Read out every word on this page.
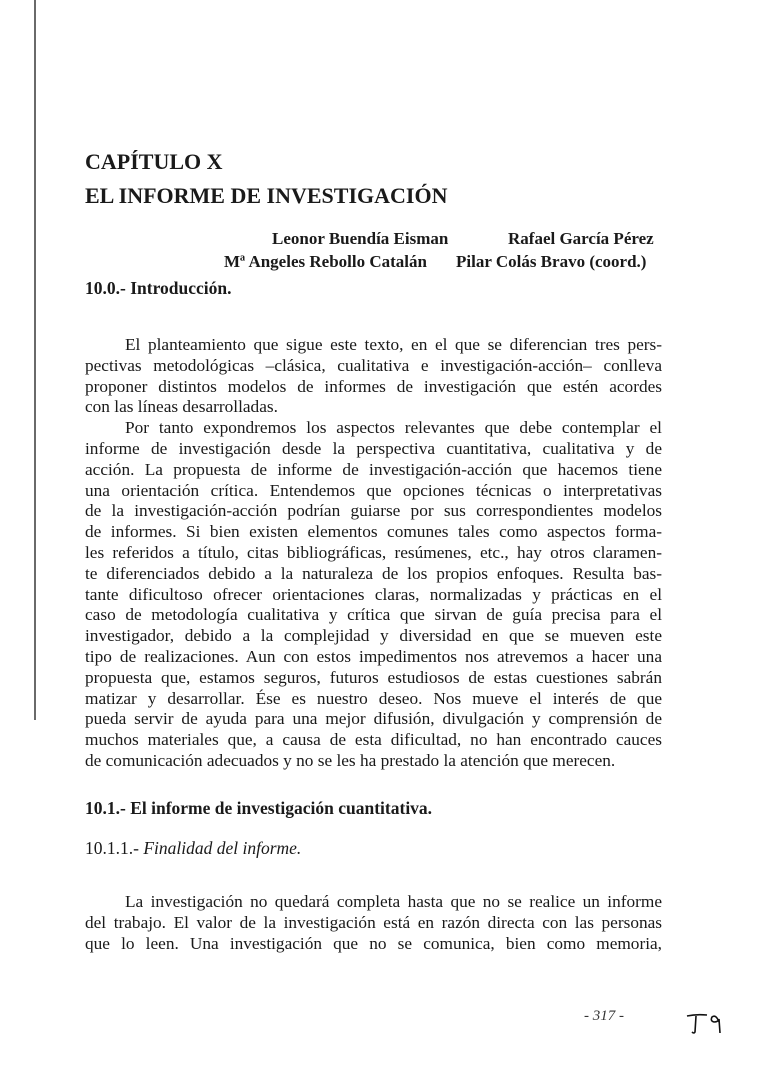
CAPÍTULO X
EL INFORME DE INVESTIGACIÓN
Leonor Buendía Eisman	Rafael García Pérez
Mª Angeles Rebollo Catalán Pilar Colás Bravo (coord.)
10.0.- Introducción.
El planteamiento que sigue este texto, en el que se diferencian tres pers-
pectivas metodológicas –clásica, cualitativa e investigación-acción– conlleva
proponer distintos modelos de informes de investigación que estén acordes
con las líneas desarrolladas.
Por tanto expondremos los aspectos relevantes que debe contemplar el
informe de investigación desde la perspectiva cuantitativa, cualitativa y de
acción. La propuesta de informe de investigación-acción que hacemos tiene
una orientación crítica. Entendemos que opciones técnicas o interpretativas
de la investigación-acción podrían guiarse por sus correspondientes modelos
de informes. Si bien existen elementos comunes tales como aspectos forma-
les referidos a título, citas bibliográficas, resúmenes, etc., hay otros claramen-
te diferenciados debido a la naturaleza de los propios enfoques. Resulta bas-
tante dificultoso ofrecer orientaciones claras, normalizadas y prácticas en el
caso de metodología cualitativa y crítica que sirvan de guía precisa para el
investigador, debido a la complejidad y diversidad en que se mueven este
tipo de realizaciones. Aun con estos impedimentos nos atrevemos a hacer una
propuesta que, estamos seguros, futuros estudiosos de estas cuestiones sabrán
matizar y desarrollar. Ése es nuestro deseo. Nos mueve el interés de que
pueda servir de ayuda para una mejor difusión, divulgación y comprensión de
muchos materiales que, a causa de esta dificultad, no han encontrado cauces
de comunicación adecuados y no se les ha prestado la atención que merecen.
10.1.- El informe de investigación cuantitativa.
10.1.1.- Finalidad del informe.
La investigación no quedará completa hasta que no se realice un informe
del trabajo. El valor de la investigación está en razón directa con las personas
que lo leen. Una investigación que no se comunica, bien como memoria,
- 317 -
